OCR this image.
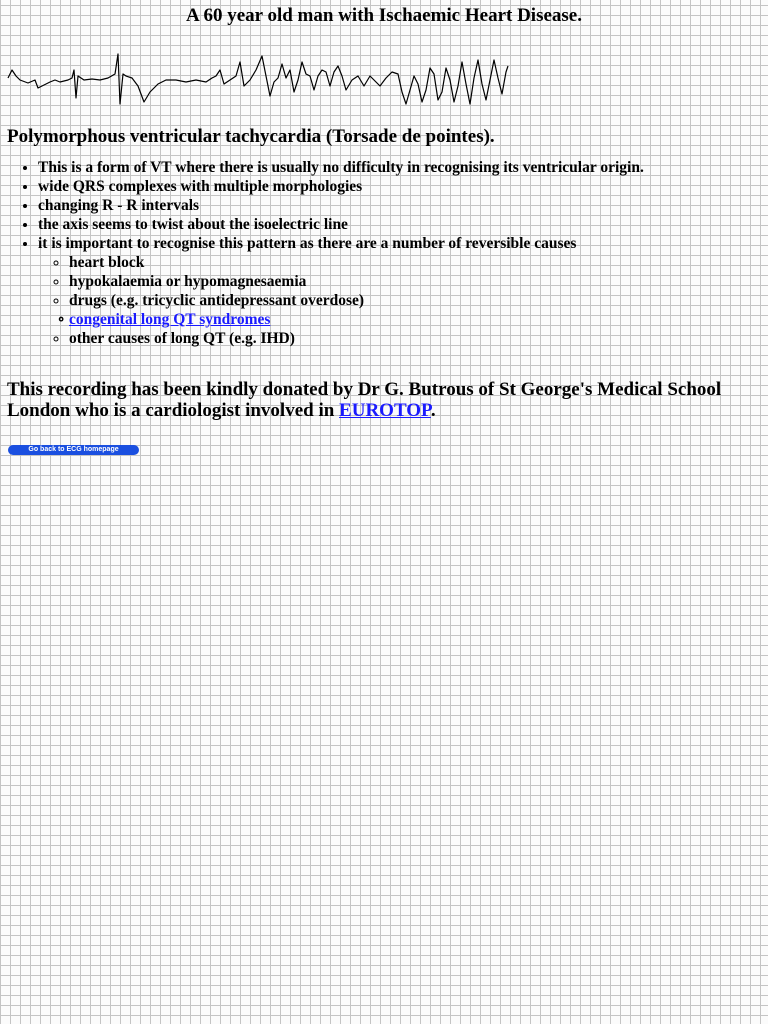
A 60 year old man with Ischaemic Heart Disease.
Polymorphous ventricular tachycardia (Torsade de pointes).
• This is a form of VT where there is usually no difficulty in recognising its ventricular origin.
• wide QRS complexes with multiple morphologies
• changing R - R intervals
• the axis seems to twist about the isoelectric line
• it is important to recognise this pattern as there are a number of reversible causes
◦ heart block
◦ hypokalaemia or hypomagnesaemia
◦ drugs (e.g. tricyclic antidepressant overdose)
∘ congenital long QT syndromes
◦ other causes of long QT (e.g. IHD)

This recording has been kindly donated by Dr G. Butrous of St George's Medical School London who is a cardiologist involved in EUROTOP.

Go back to ECG homepage
